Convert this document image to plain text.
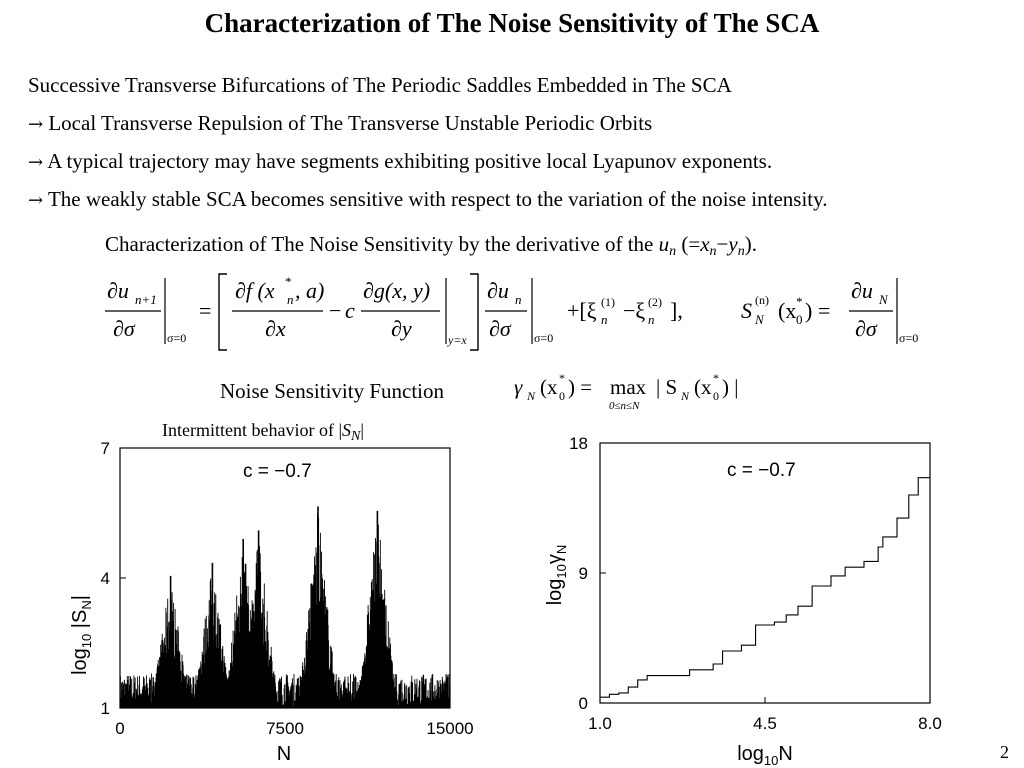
Characterization of The Noise Sensitivity of The SCA
Successive Transverse Bifurcations of The Periodic Saddles Embedded in The SCA
→ Local Transverse Repulsion of The Transverse Unstable Periodic Orbits
→ A typical trajectory may have segments exhibiting positive local Lyapunov exponents.
→ The weakly stable SCA becomes sensitive with respect to the variation of the noise intensity.
Characterization of The Noise Sensitivity by the derivative of the $u_n$ $(=x_n-y_n)$.
∂u n+1
∂σ	σ=0
=
∂f (x n
* , a)
∂x
− c
∂g(x, y)
∂y	y=x
∂u n
∂σ σ=0
+[ξ n
(1) −ξ n
(2) ],	S N
(n) (x 0
* ) =
∂u N
∂σ σ=0
Noise Sensitivity Function	γ N (x 0
* ) = max
0≤n≤N
| S N (x 0
* ) |
Intermittent behavior of $|S_N|$
c = −0.7
1
4
7
0	7500	15000
N
$\log_{10} |S_N|$
c = −0.7
0
9
18
1.0	4.5	8.0
$\log_{10}N$
$\log_{10}\gamma_N$
2
